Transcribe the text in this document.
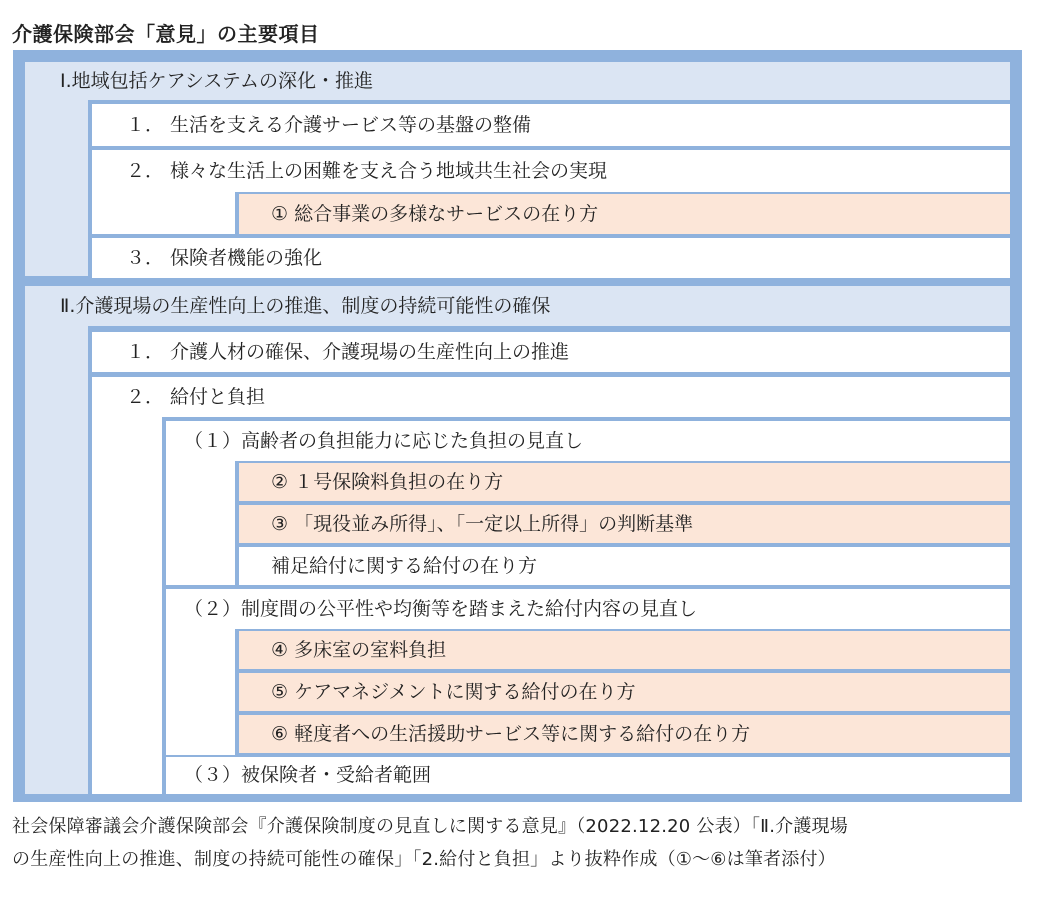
介護保険部会「意見」の主要項目
Ⅰ.地域包括ケアシステムの深化・推進
１． 生活を支える介護サービス等の基盤の整備
２． 様々な生活上の困難を支え合う地域共生社会の実現
① 総合事業の多様なサービスの在り方
３． 保険者機能の強化
Ⅱ.介護現場の生産性向上の推進、制度の持続可能性の確保
１． 介護人材の確保、介護現場の生産性向上の推進
２． 給付と負担
（１）高齢者の負担能力に応じた負担の見直し
② １号保険料負担の在り方
③ 「現役並み所得」、「一定以上所得」の判断基準
補足給付に関する給付の在り方
（２）制度間の公平性や均衡等を踏まえた給付内容の見直し
④ 多床室の室料負担
⑤ ケアマネジメントに関する給付の在り方
⑥ 軽度者への生活援助サービス等に関する給付の在り方
（３）被保険者・受給者範囲
社会保障審議会介護保険部会『介護保険制度の見直しに関する意見』（2022.12.20 公表）「Ⅱ.介護現場
の生産性向上の推進、制度の持続可能性の確保」「2.給付と負担」より抜粋作成（①～⑥は筆者添付）
